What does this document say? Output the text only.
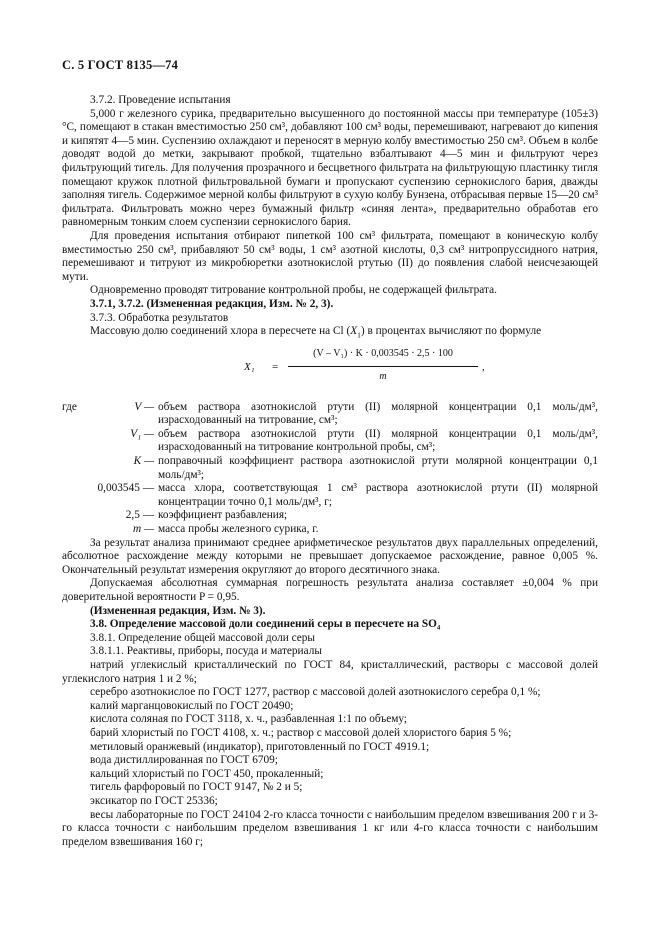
С. 5 ГОСТ 8135—74

3.7.2. Проведение испытания

5,000 г железного сурика, предварительно высушенного до постоянной массы при температуре (105±3) °С, помещают в стакан вместимостью 250 см³, добавляют 100 см³ воды, перемешивают, нагревают до кипения и кипятят 4—5 мин. Суспензию охлаждают и переносят в мерную колбу вместимостью 250 см³. Объем в колбе доводят водой до метки, закрывают пробкой, тщательно взбалтывают 4—5 мин и фильтруют через фильтрующий тигель. Для получения прозрачного и бесцветного фильтрата на фильтрующую пластинку тигля помещают кружок плотной фильтровальной бумаги и пропускают суспензию сернокислого бария, дважды заполняя тигель. Содержимое мерной колбы фильтруют в сухую колбу Бунзена, отбрасывая первые 15—20 см³ фильтрата. Фильтровать можно через бумажный фильтр «синяя лента», предварительно обработав его равномерным тонким слоем суспензии сернокислого бария.

Для проведения испытания отбирают пипеткой 100 см³ фильтрата, помещают в коническую колбу вместимостью 250 см³, прибавляют 50 см³ воды, 1 см³ азотной кислоты, 0,3 см³ нитропруссидного натрия, перемешивают и титруют из микробюретки азотнокислой ртутью (II) до появления слабой неисчезающей мути.

Одновременно проводят титрование контрольной пробы, не содержащей фильтрата.

3.7.1, 3.7.2. (Измененная редакция, Изм. № 2, 3).

3.7.3. Обработка результатов

Массовую долю соединений хлора в пересчете на Cl $(X_1)$ в процентах вычисляют по формуле

X₁ =
(V – V₁) · K · 0,003545 · 2,5 · 100
m
,
где	V — объем раствора азотнокислой ртути (II) молярной концентрации 0,1 моль/дм³, израсходованный на титрование, см³;
V₁ — объем раствора азотнокислой ртути (II) молярной концентрации 0,1 моль/дм³, израсходованный на титрование контрольной пробы, см³;
K — поправочный коэффициент раствора азотнокислой ртути молярной концентрации 0,1 моль/дм³;
0,003545 — масса хлора, соответствующая 1 см³ раствора азотнокислой ртути (II) молярной концентрации точно 0,1 моль/дм³, г;
2,5 — коэффициент разбавления;
m — масса пробы железного сурика, г.

За результат анализа принимают среднее арифметическое результатов двух параллельных определений, абсолютное расхождение между которыми не превышает допускаемое расхождение, равное 0,005 %. Окончательный результат измерения округляют до второго десятичного знака.

Допускаемая абсолютная суммарная погрешность результата анализа составляет ±0,004 % при доверительной вероятности P = 0,95.

(Измененная редакция, Изм. № 3).

3.8. Определение массовой доли соединений серы в пересчете на SO₄

3.8.1. Определение общей массовой доли серы

3.8.1.1. Реактивы, приборы, посуда и материалы

натрий углекислый кристаллический по ГОСТ 84, кристаллический, растворы с массовой долей углекислого натрия 1 и 2 %;

серебро азотнокислое по ГОСТ 1277, раствор с массовой долей азотнокислого серебра 0,1 %;

калий марганцовокислый по ГОСТ 20490;

кислота соляная по ГОСТ 3118, х. ч., разбавленная 1:1 по объему;

барий хлористый по ГОСТ 4108, х. ч.; раствор с массовой долей хлористого бария 5 %;

метиловый оранжевый (индикатор), приготовленный по ГОСТ 4919.1;

вода дистиллированная по ГОСТ 6709;

кальций хлористый по ГОСТ 450, прокаленный;

тигель фарфоровый по ГОСТ 9147, № 2 и 5;

эксикатор по ГОСТ 25336;

весы лабораторные по ГОСТ 24104 2-го класса точности с наибольшим пределом взвешивания 200 г и 3-го класса точности с наибольшим пределом взвешивания 1 кг или 4-го класса точности с наибольшим пределом взвешивания 160 г;
